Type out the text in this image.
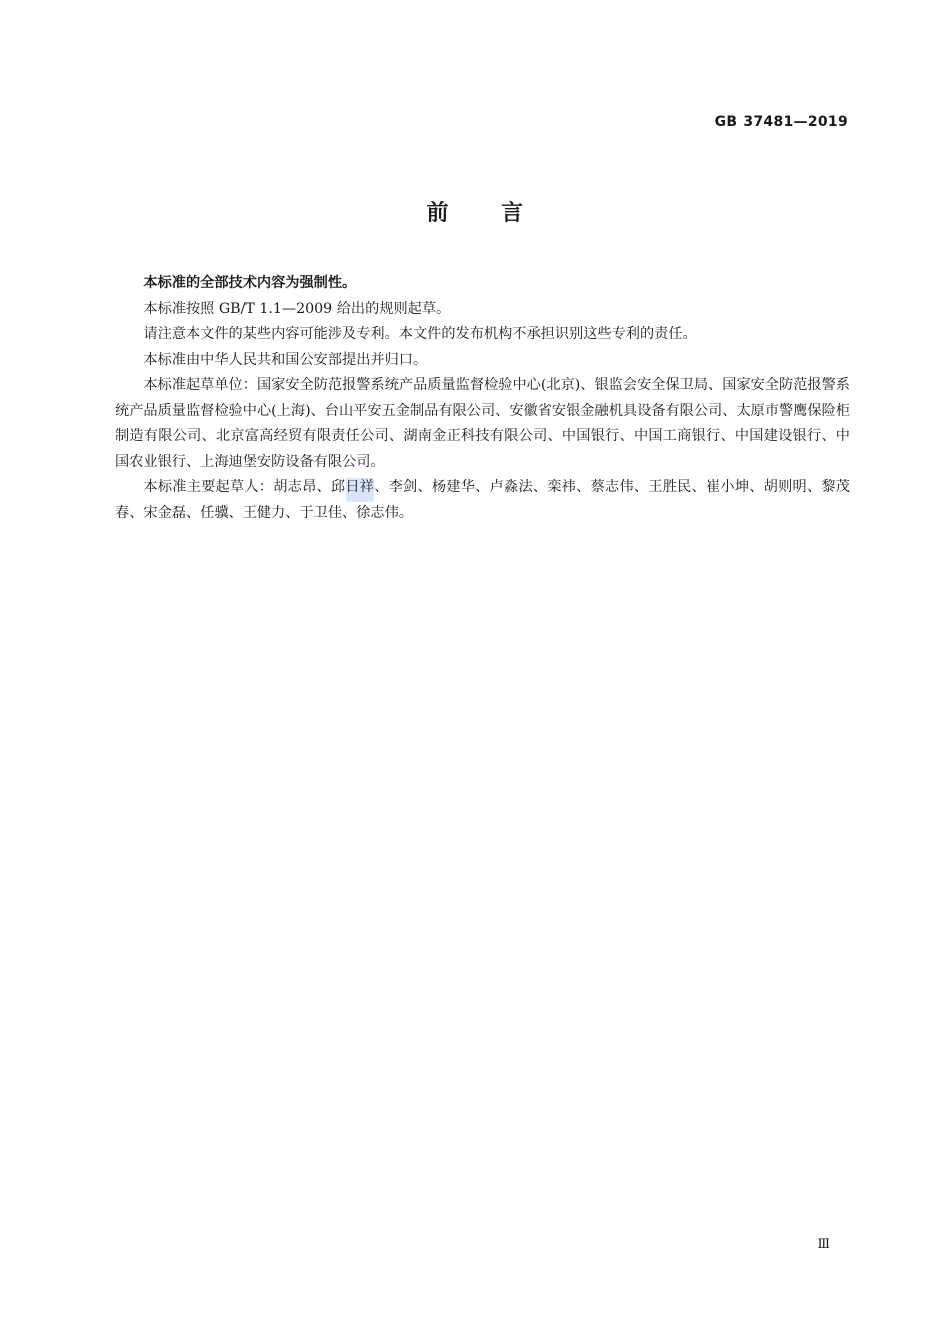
GB 37481—2019
前 言

本标准的全部技术内容为强制性。

本标准按照 GB/T 1.1—2009 给出的规则起草。

请注意本文件的某些内容可能涉及专利。本文件的发布机构不承担识别这些专利的责任。

本标准由中华人民共和国公安部提出并归口。

本标准起草单位：国家安全防范报警系统产品质量监督检验中心(北京)、银监会安全保卫局、国家安全防范报警系统产品质量监督检验中心(上海)、台山平安五金制品有限公司、安徽省安银金融机具设备有限公司、太原市警鹰保险柜制造有限公司、北京富高经贸有限责任公司、湖南金正科技有限公司、中国银行、中国工商银行、中国建设银行、中国农业银行、上海迪堡安防设备有限公司。

本标准主要起草人：胡志昂、邱日祥、李剑、杨建华、卢淼法、栾祎、蔡志伟、王胜民、崔小坤、胡则明、黎茂春、宋金磊、任骥、王健力、于卫佳、徐志伟。

Ⅲ
